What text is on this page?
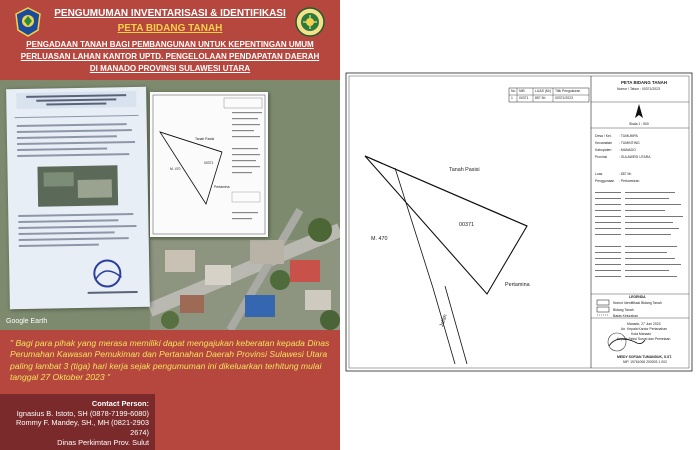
PENGUMUMAN INVENTARISASI & IDENTIFIKASI
PETA BIDANG TANAH
PENGADAAN TANAH BAGI PEMBANGUNAN UNTUK KEPENTINGAN UMUM
PERLUASAN LAHAN KANTOR UPTD. PENGELOLAAN PENDAPATAN DAERAH
DI MANADO PROVINSI SULAWESI UTARA
Tanah Pasisi
M. 470
00371
Pertamina
Google Earth
" Bagi para pihak yang merasa memiliki dapat mengajukan keberatan kepada Dinas Perumahan Kawasan Pemukiman dan Pertanahan Daerah Provinsi Sulawesi Utara paling lambat 3 (tiga) hari kerja sejak pengumuman ini dikeluarkan terhitung mulai tanggal 27 Oktober 2023 "
Contact Person:
Ignasius B. Istoto, SH (0878-7199-6080)
Rommy F. Mandey, SH., MH (0821-2903 2674)
Dinas Perkimtan Prov. Sulut
No NIB	LUAS (M²) Titik Pengukuran
1 00371 857 M²	00371/2023
Tanah Pasisi
M. 470
00371
Jalan
Pertamina
PETA BIDANG TANAH
Nomor / Tahun : 00371/2023
Skala 1 : 500
Desa / Kel. : TUMUMPA
Kecamatan : TUMINTING
Kabupaten : MANADO
Provinsi	: SULAWESI UTARA
Luas	: 857 M²
Penggunaan : Perkantoran
LEGENDA
Nomor Identifikasi Bidang Tanah
Bidang Tanah
Batas Kelurahan
Manado, 27 Juni 2023
An. Kepala Kantor Pertanahan
Kota Manado
Kepala Seksi Survei dan Pemetaan
MEIDY SOFIAN TUMANDUK, S.ST.
NIP. 19761006 200003 1 002
